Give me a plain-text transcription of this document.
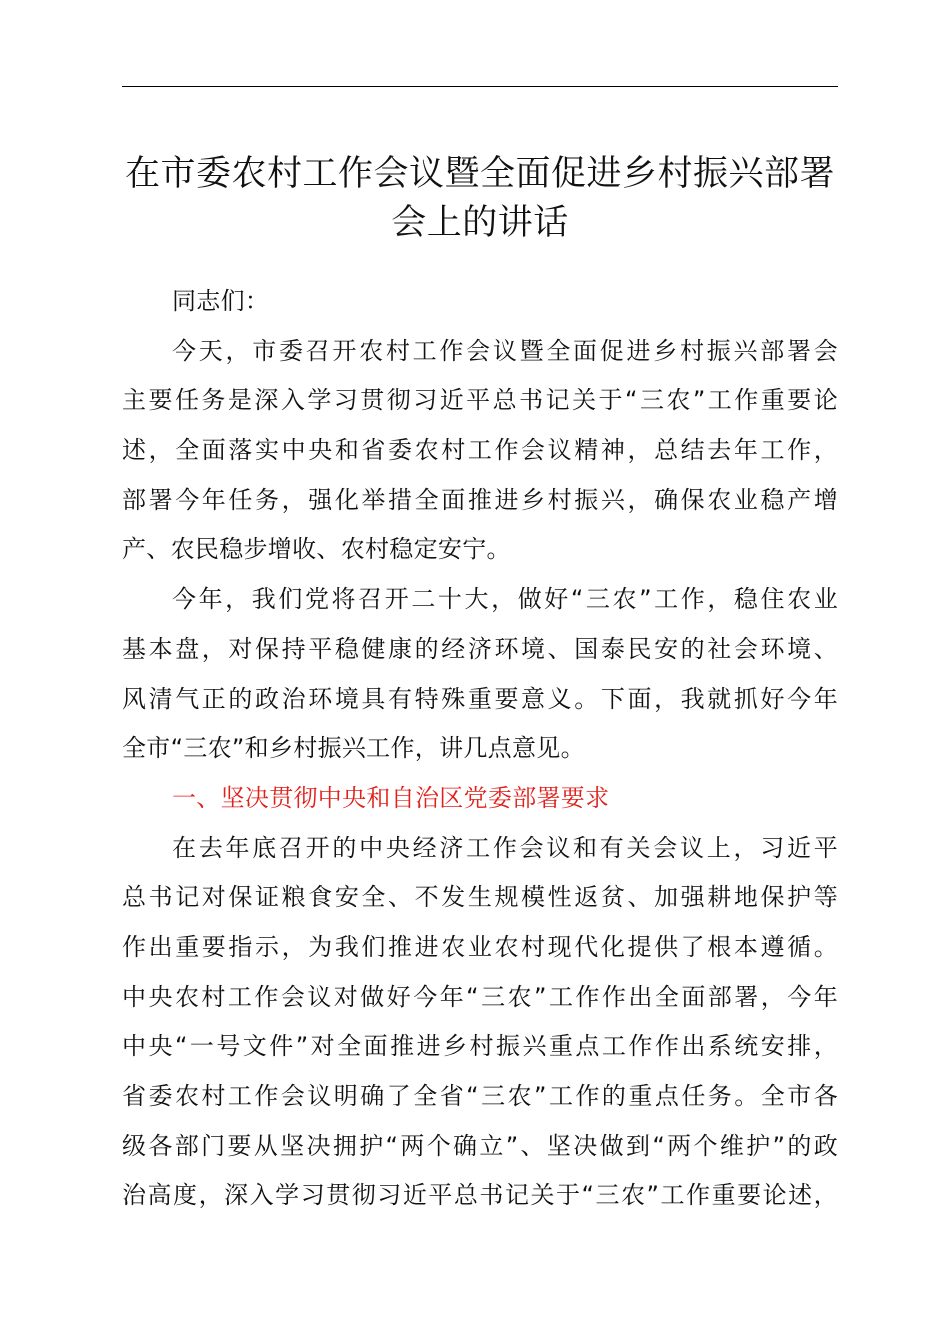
在市委农村工作会议暨全面促进乡村振兴部署
会上的讲话
同志们：
今天，市委召开农村工作会议暨全面促进乡村振兴部署会
主要任务是深入学习贯彻习近平总书记关于“三农”工作重要论
述，全面落实中央和省委农村工作会议精神，总结去年工作，
部署今年任务，强化举措全面推进乡村振兴，确保农业稳产增
产、农民稳步增收、农村稳定安宁。
今年，我们党将召开二十大，做好“三农”工作，稳住农业
基本盘，对保持平稳健康的经济环境、国泰民安的社会环境、
风清气正的政治环境具有特殊重要意义。下面，我就抓好今年
全市“三农”和乡村振兴工作，讲几点意见。
一、坚决贯彻中央和自治区党委部署要求
在去年底召开的中央经济工作会议和有关会议上，习近平
总书记对保证粮食安全、不发生规模性返贫、加强耕地保护等
作出重要指示，为我们推进农业农村现代化提供了根本遵循。
中央农村工作会议对做好今年“三农”工作作出全面部署，今年
中央“一号文件”对全面推进乡村振兴重点工作作出系统安排，
省委农村工作会议明确了全省“三农”工作的重点任务。全市各
级各部门要从坚决拥护“两个确立”、坚决做到“两个维护”的政
治高度，深入学习贯彻习近平总书记关于“三农”工作重要论述，
